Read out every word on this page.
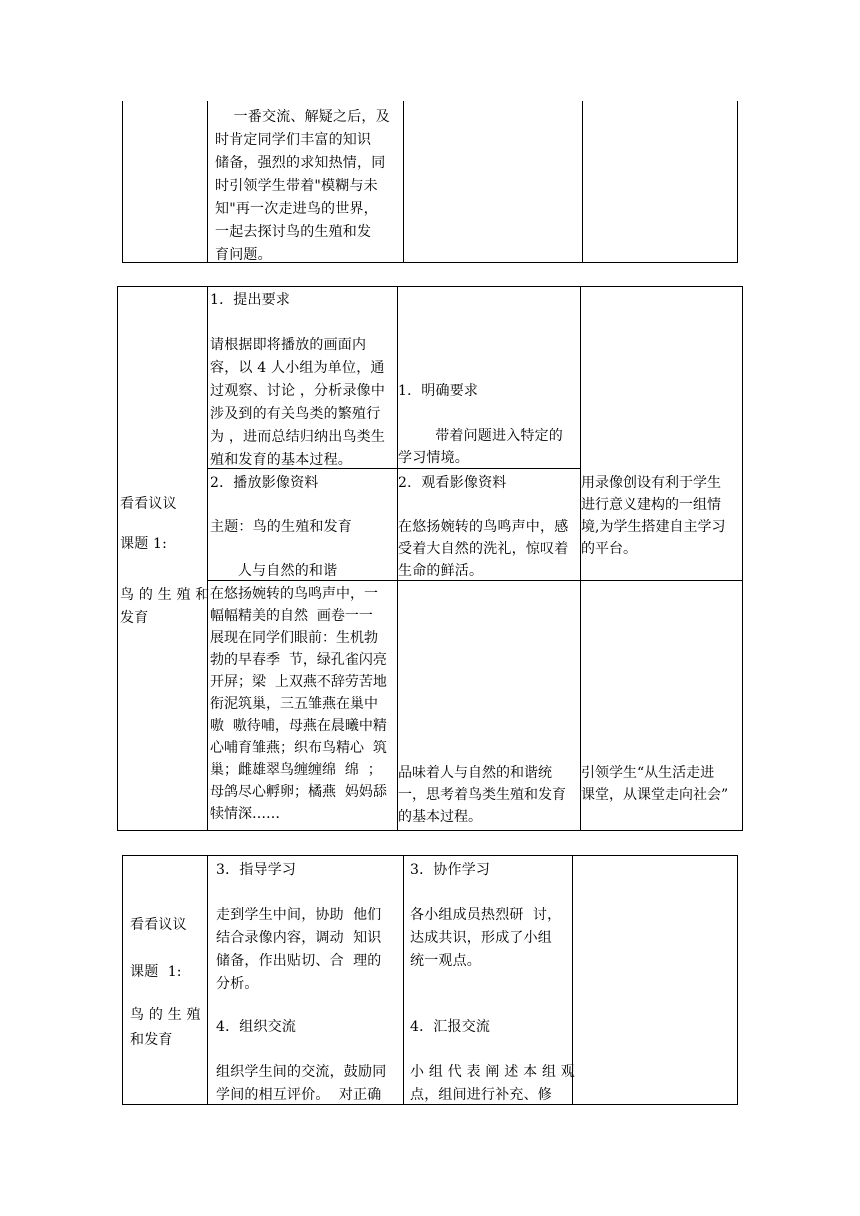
一番交流、解疑之后，及
时肯定同学们丰富的知识
储备，强烈的求知热情，同
时引领学生带着"模糊与未
知"再一次走进鸟的世界，
一起去探讨鸟的生殖和发
育问题。
看看议议
课题 1:
鸟 的 生 殖 和
发育
1．提出要求
请根据即将播放的画面内
容，以 4 人小组为单位，通
过观察、讨论 ，分析录像中
涉及到的有关鸟类的繁殖行
为 ，进而总结归纳出鸟类生
殖和发育的基本过程。
1．明确要求
带着问题进入特定的
学习情境。
2．播放影像资料
主题：鸟的生殖和发育
人与自然的和谐
2．观看影像资料
在悠扬婉转的鸟鸣声中，感
受着大自然的洗礼，惊叹着
生命的鲜活。
用录像创设有利于学生
进行意义建构的一组情
境,为学生搭建自主学习
的平台。
在悠扬婉转的鸟鸣声中，一
幅幅精美的自然  画卷一一
展现在同学们眼前：生机勃
勃的早春季  节，绿孔雀闪亮
开屏；梁  上双燕不辞劳苦地
衔泥筑巢，三五雏燕在巢中
嗷  嗷待哺，母燕在晨曦中精
心哺育雏燕；织布鸟精心  筑
巢；雌雄翠鸟缠缠绵  绵  ；
母鸽尽心孵卵；橘燕  妈妈舔
犊情深……
品味着人与自然的和谐统
一，思考着鸟类生殖和发育
的基本过程。
引领学生“从生活走进
课堂，从课堂走向社会”
看看议议
课题  1:
鸟 的 生 殖
和发育
3．指导学习
走到学生中间，协助  他们
结合录像内容，调动  知识
储备，作出贴切、合  理的
分析。
4．组织交流
组织学生间的交流，鼓励同
学间的相互评价。  对正确
3．协作学习
各小组成员热烈研  讨，
达成共识，形成了小组
统一观点。
4．汇报交流
小 组 代 表 阐 述 本 组 观
点，组间进行补充、修
